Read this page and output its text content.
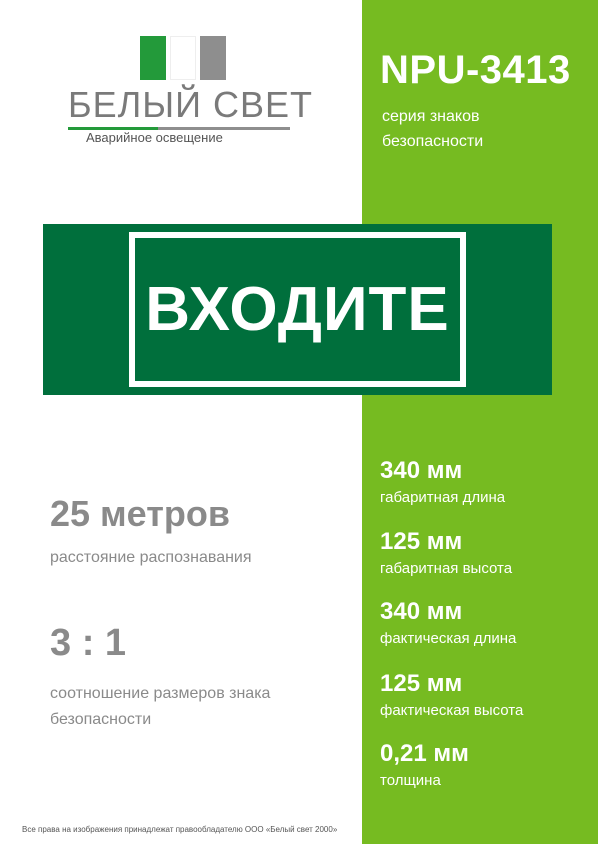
БЕЛЫЙ СВЕТ
Аварийное освещение
NPU-3413
серия знаков безопасности
ВХОДИТЕ
25 метров
расстояние распознавания
3 : 1
соотношение размеров знака безопасности
340 мм
габаритная длина
125 мм
габаритная высота
340 мм
фактическая длина
125 мм
фактическая высота
0,21 мм
толщина
Все права на изображения принадлежат правообладателю ООО «Белый свет 2000»
